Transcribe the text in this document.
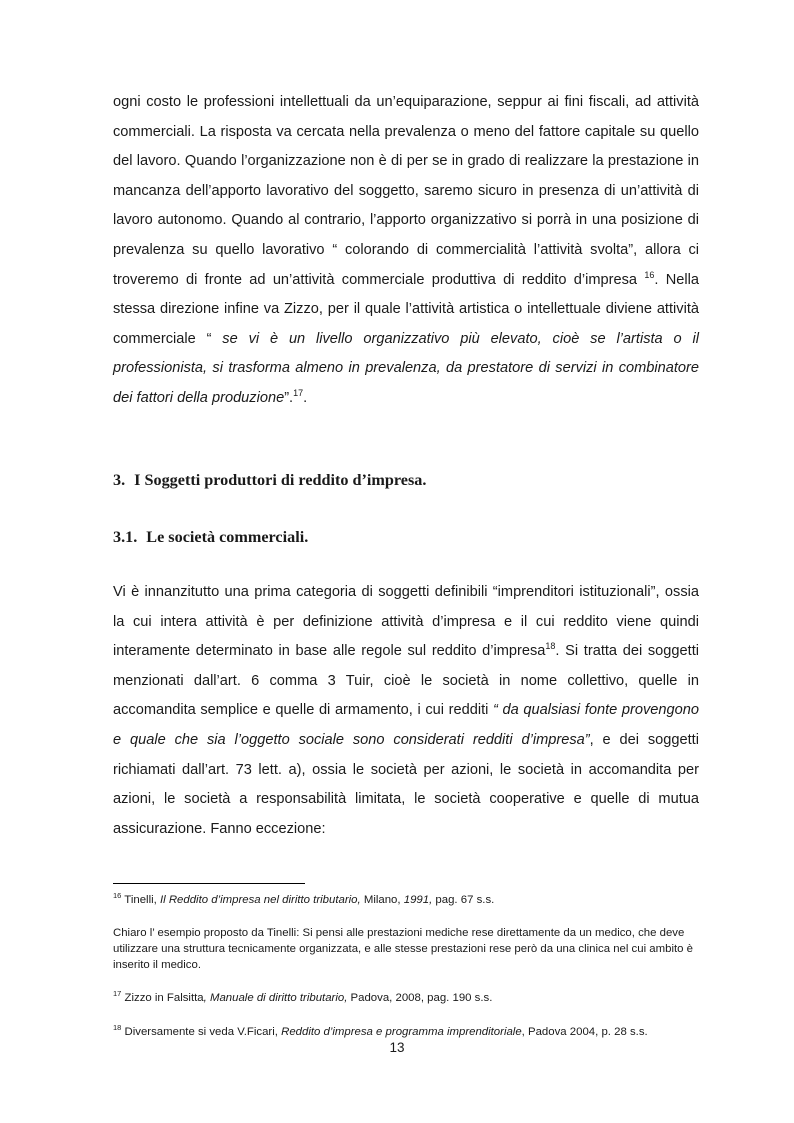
ogni costo le professioni intellettuali da un’equiparazione, seppur ai fini fiscali, ad attività commerciali. La risposta va cercata nella prevalenza o meno del fattore capitale su quello del lavoro. Quando l’organizzazione non è di per se in grado di realizzare la prestazione in mancanza dell’apporto lavorativo del soggetto, saremo sicuro in presenza di un’attività di lavoro autonomo. Quando al contrario, l’apporto organizzativo si porrà in una posizione di prevalenza su quello lavorativo “ colorando di commercialità l’attività svolta”, allora ci troveremo di fronte ad un’attività commerciale produttiva di reddito d’impresa $^{16}$. Nella stessa direzione infine va Zizzo, per il quale l’attività artistica o intellettuale diviene attività commerciale “ se vi è un livello organizzativo più elevato, cioè se l’artista o il professionista, si trasforma almeno in prevalenza, da prestatore di servizi in combinatore dei fattori della produzione”.$^{17}$.

3. I Soggetti produttori di reddito d’impresa.
3.1. Le società commerciali.

Vi è innanzitutto una prima categoria di soggetti definibili “imprenditori istituzionali”, ossia la cui intera attività è per definizione attività d’impresa e il cui reddito viene quindi interamente determinato in base alle regole sul reddito d’impresa$^{18}$. Si tratta dei soggetti menzionati dall’art. 6 comma 3 Tuir, cioè le società in nome collettivo, quelle in accomandita semplice e quelle di armamento, i cui redditi “ da qualsiasi fonte provengono e quale che sia l’oggetto sociale sono considerati redditi d’impresa”, e dei soggetti richiamati dall’art. 73 lett. a), ossia le società per azioni, le società in accomandita per azioni, le società a responsabilità limitata, le società cooperative e quelle di mutua assicurazione. Fanno eccezione:

$^{16}$ Tinelli, Il Reddito d’impresa nel diritto tributario, Milano, 1991, pag. 67 s.s.

Chiaro l’ esempio proposto da Tinelli: Si pensi alle prestazioni mediche rese direttamente da un medico, che deve utilizzare una struttura tecnicamente organizzata, e alle stesse prestazioni rese però da una clinica nel cui ambito è inserito il medico.

$^{17}$ Zizzo in Falsitta, Manuale di diritto tributario, Padova, 2008, pag. 190 s.s.

$^{18}$ Diversamente si veda V.Ficari, Reddito d’impresa e programma imprenditoriale, Padova 2004, p. 28 s.s.

13
